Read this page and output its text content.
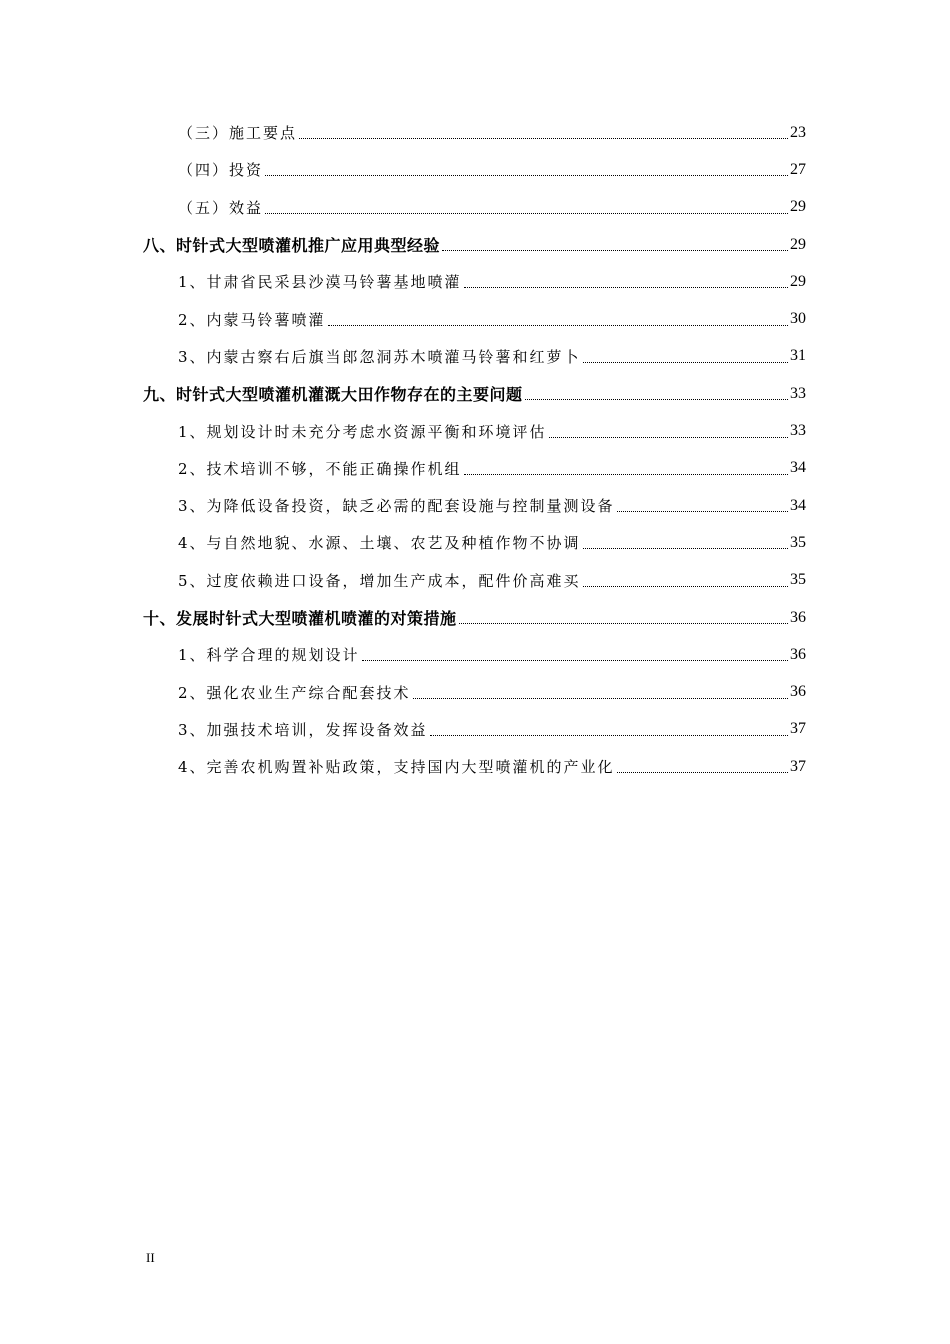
（三）施工要点	23
（四）投资	27
（五）效益	29
八、时针式大型喷灌机推广应用典型经验	29
1、甘肃省民采县沙漠马铃薯基地喷灌	29
2、内蒙马铃薯喷灌	30
3、内蒙古察右后旗当郎忽洞苏木喷灌马铃薯和红萝卜	31
九、时针式大型喷灌机灌溉大田作物存在的主要问题	33
1、规划设计时未充分考虑水资源平衡和环境评估	33
2、技术培训不够，不能正确操作机组	34
3、为降低设备投资，缺乏必需的配套设施与控制量测设备	34
4、与自然地貌、水源、土壤、农艺及种植作物不协调	35
5、过度依赖进口设备，增加生产成本，配件价高难买	35
十、发展时针式大型喷灌机喷灌的对策措施	36
1、科学合理的规划设计	36
2、强化农业生产综合配套技术	36
3、加强技术培训，发挥设备效益	37
4、完善农机购置补贴政策，支持国内大型喷灌机的产业化	37
II
